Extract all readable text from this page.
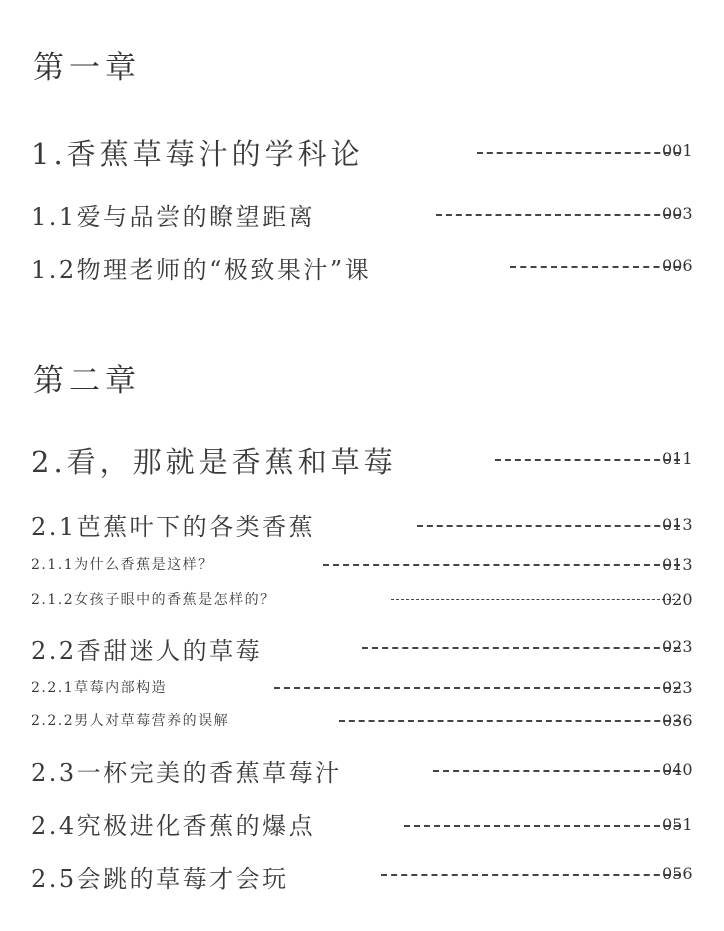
第一章
1.香蕉草莓汁的学科论	001
1.1爱与品尝的瞭望距离	003
1.2物理老师的“极致果汁”课	006
第二章
2.看，那就是香蕉和草莓	011
2.1芭蕉叶下的各类香蕉	013
2.1.1为什么香蕉是这样？	013
2.1.2女孩子眼中的香蕉是怎样的？	020
2.2香甜迷人的草莓	023
2.2.1草莓内部构造	023
2.2.2男人对草莓营养的误解	036
2.3一杯完美的香蕉草莓汁	040
2.4究极进化香蕉的爆点	051
2.5会跳的草莓才会玩	056
